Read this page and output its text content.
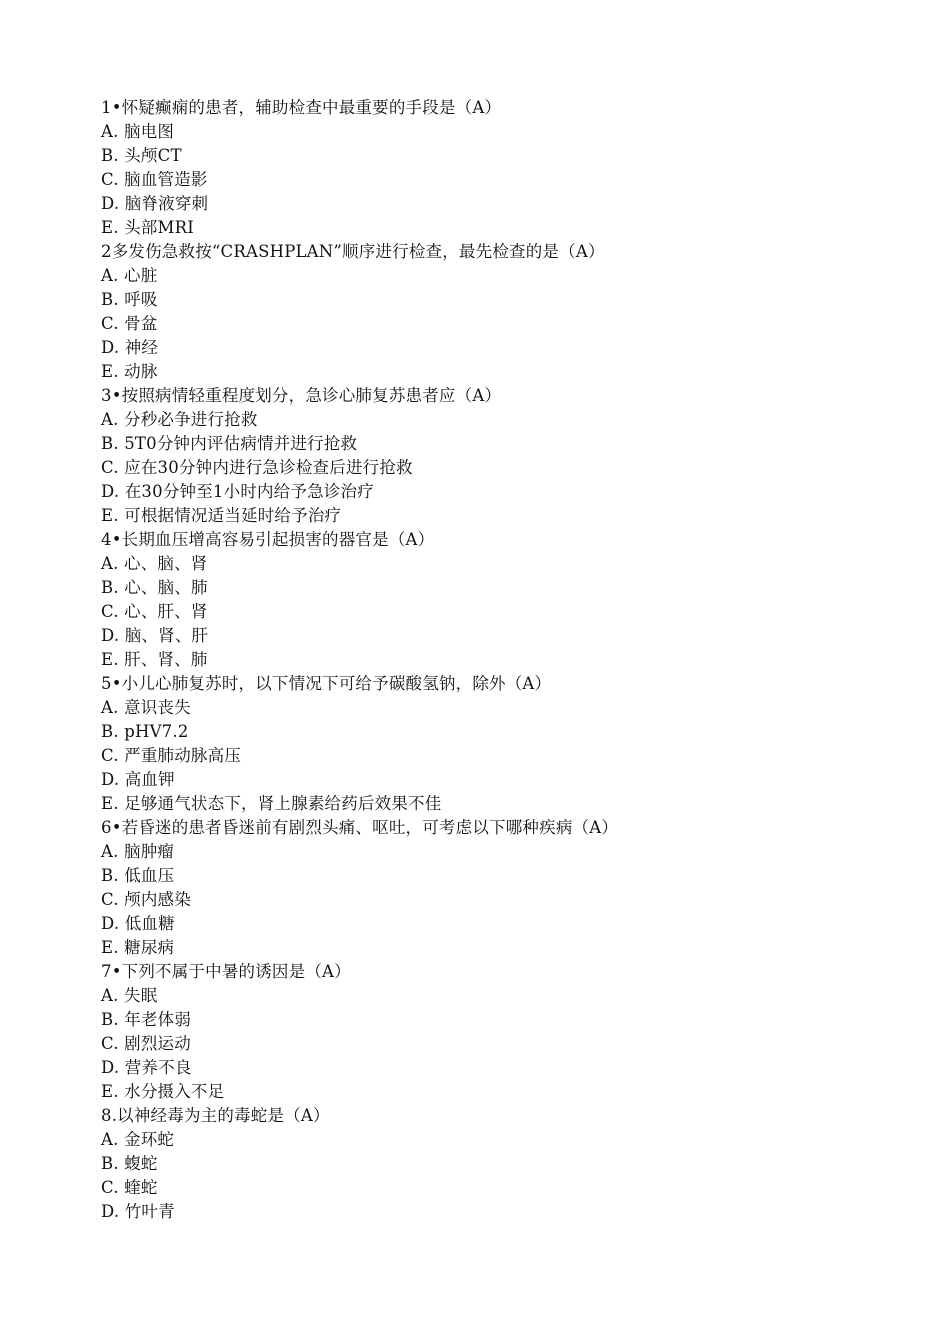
1•怀疑癫痫的患者，辅助检查中最重要的手段是（A）
A. 脑电图
B. 头颅CT
C. 脑血管造影
D. 脑脊液穿刺
E. 头部MRI
2多发伤急救按“CRASHPLAN”顺序进行检查，最先检查的是（A）
A. 心脏
B. 呼吸
C. 骨盆
D. 神经
E. 动脉
3•按照病情轻重程度划分，急诊心肺复苏患者应（A）
A. 分秒必争进行抢救
B. 5T0分钟内评估病情并进行抢救
C. 应在30分钟内进行急诊检查后进行抢救
D. 在30分钟至1小时内给予急诊治疗
E. 可根据情况适当延时给予治疗
4•长期血压增高容易引起损害的器官是（A）
A. 心、脑、肾
B. 心、脑、肺
C. 心、肝、肾
D. 脑、肾、肝
E. 肝、肾、肺
5•小儿心肺复苏时，以下情况下可给予碳酸氢钠，除外（A）
A. 意识丧失
B. pHV7.2
C. 严重肺动脉高压
D. 高血钾
E. 足够通气状态下，肾上腺素给药后效果不佳
6•若昏迷的患者昏迷前有剧烈头痛、呕吐，可考虑以下哪种疾病（A）
A. 脑肿瘤
B. 低血压
C. 颅内感染
D. 低血糖
E. 糖尿病
7•下列不属于中暑的诱因是（A）
A. 失眠
B. 年老体弱
C. 剧烈运动
D. 营养不良
E. 水分摄入不足
8.以神经毒为主的毒蛇是（A）
A. 金环蛇
B. 蝮蛇
C. 蝰蛇
D. 竹叶青
